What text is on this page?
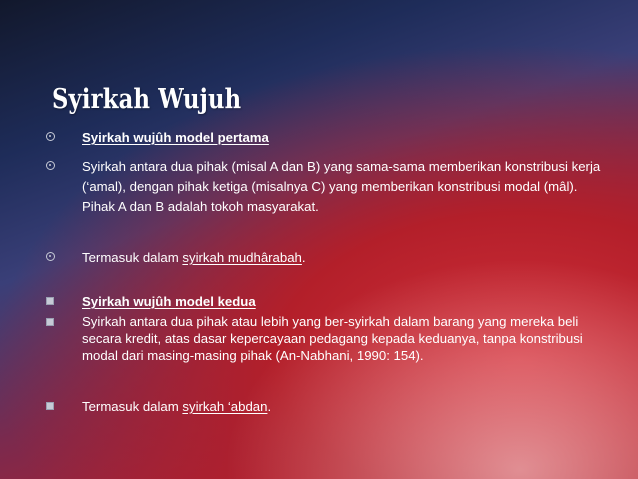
Syirkah Wujuh
Syirkah wujûh model pertama
Syirkah antara dua pihak (misal A dan B) yang sama-sama memberikan konstribusi kerja (‘amal), dengan pihak ketiga (misalnya C) yang memberikan konstribusi modal (mâl). Pihak A dan B adalah tokoh masyarakat.
Termasuk dalam syirkah mudhârabah.
Syirkah wujûh model kedua
Syirkah antara dua pihak atau lebih yang ber-syirkah dalam barang yang mereka beli secara kredit, atas dasar kepercayaan pedagang kepada keduanya, tanpa konstribusi modal dari masing-masing pihak (An-Nabhani, 1990: 154).
Termasuk dalam syirkah ‘abdan.
